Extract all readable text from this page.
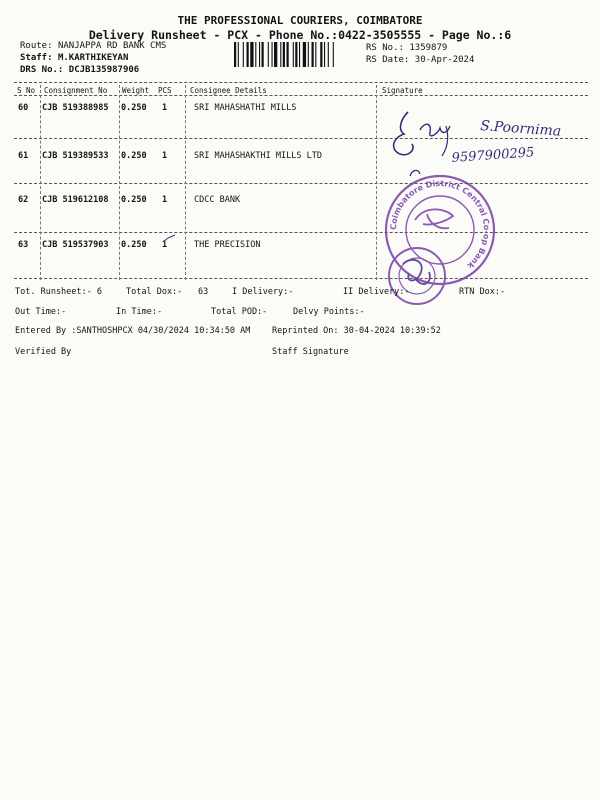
THE PROFESSIONAL COURIERS, COIMBATORE
Delivery Runsheet - PCX - Phone No.:0422-3505555 - Page No.:6
Route: NANJAPPA RD BANK CMS
Staff: M.KARTHIKEYAN
DRS No.: DCJB135987906
RS No.: 1359879
RS Date: 30-Apr-2024
S No Consignment No Weight PCS Consignee Details	Signature
60 CJB 519388985 0.250 1	SRI MAHASHATHI MILLS
61 CJB 519389533 0.250 1	SRI MAHASHAKTHI MILLS LTD
62 CJB 519612108 0.250 1	CDCC BANK
63 CJB 519537903 0.250 1	THE PRECISION
S.Poornima
9597900295
Coimbatore District Central Co-op Bank
Tot. Runsheet:- 6	Total Dox:- 63	I Delivery:-	II Delivery:-	RTN Dox:-
Out Time:-	In Time:-	Total POD:-	Delvy Points:-
Entered By :SANTHOSHPCX 04/30/2024 10:34:50 AM	Reprinted On: 30-04-2024 10:39:52
Verified By	Staff Signature
